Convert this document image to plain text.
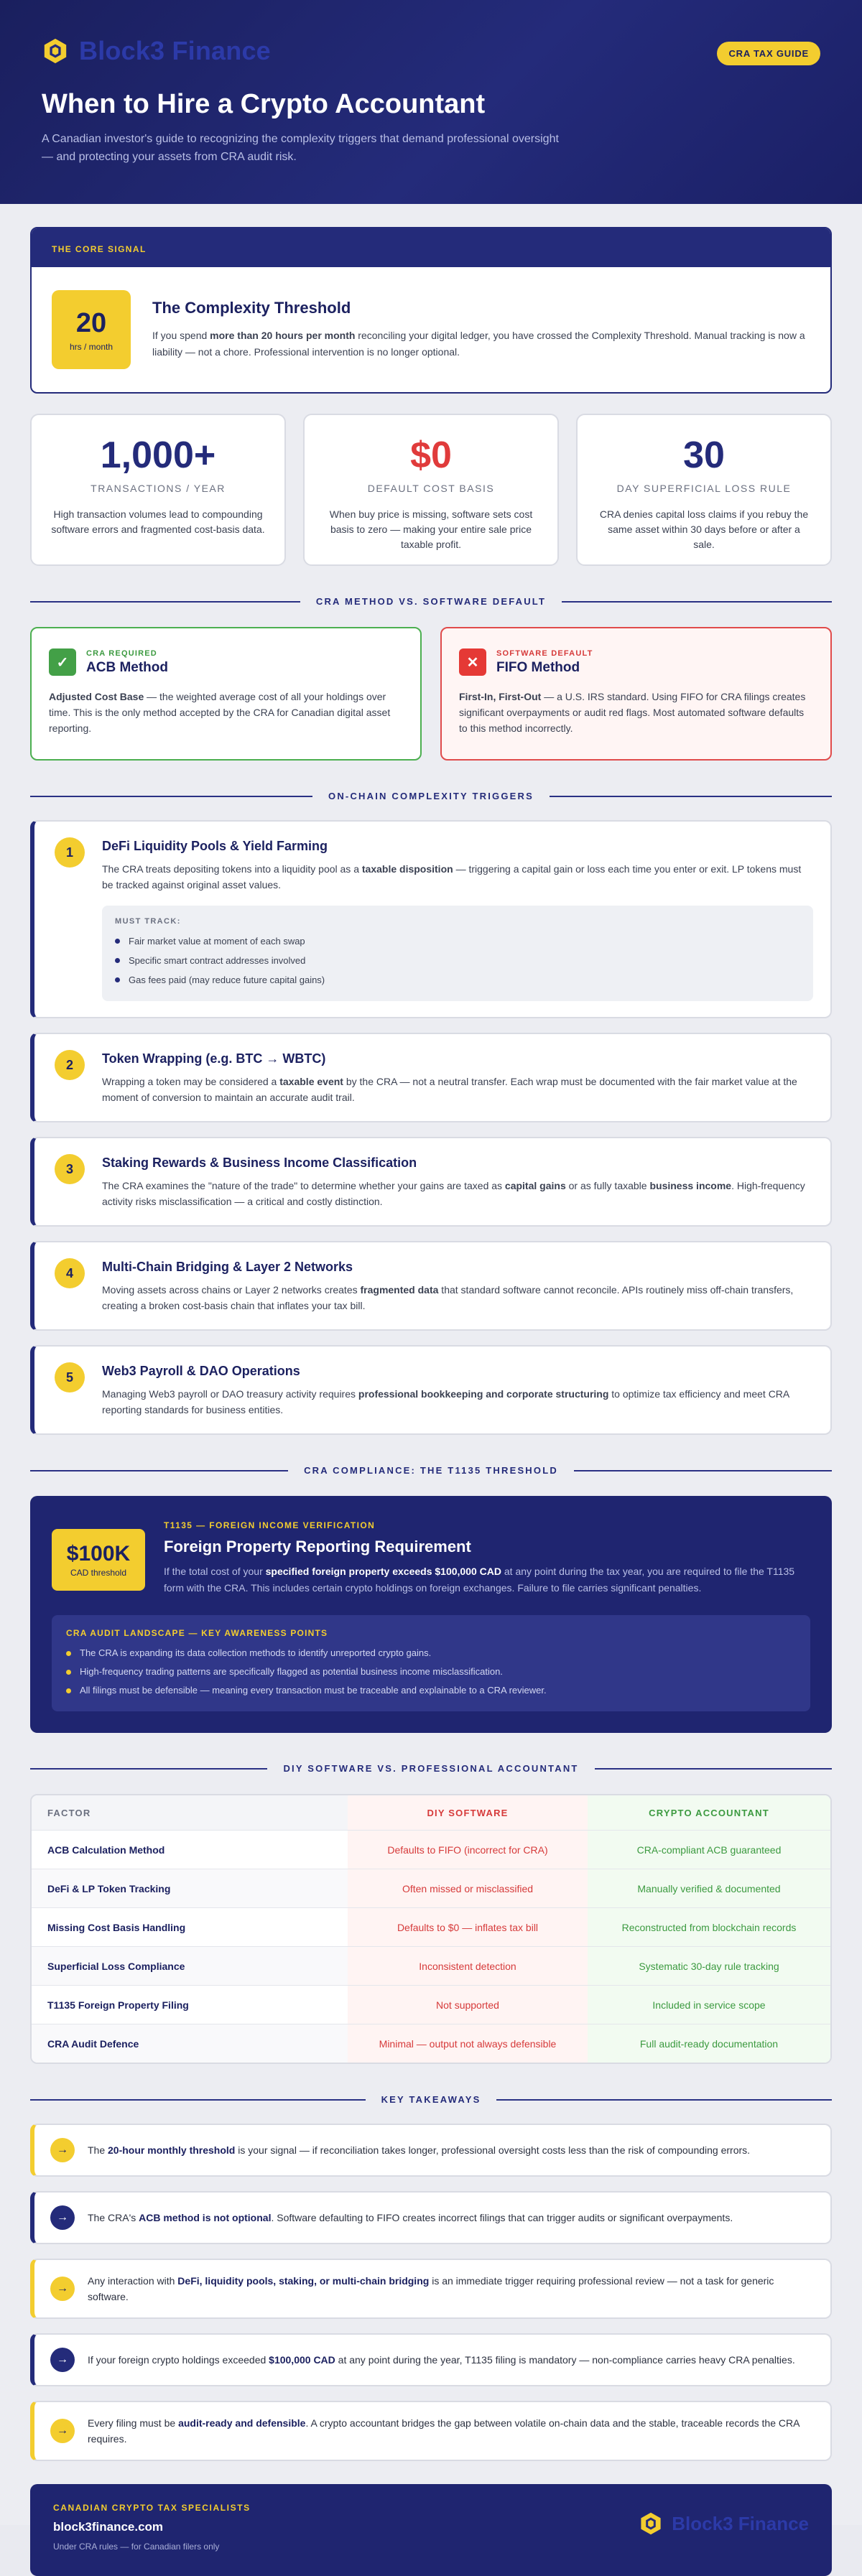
Block3 Finance	CRA TAX GUIDE
When to Hire a Crypto Accountant

A Canadian investor's guide to recognizing the complexity triggers that demand professional oversight — and protecting your assets from CRA audit risk.

THE CORE SIGNAL
20
hrs / month
The Complexity Threshold

If you spend more than 20 hours per month reconciling your digital ledger, you have crossed the Complexity Threshold. Manual tracking is now a liability — not a chore. Professional intervention is no longer optional.

1,000+
TRANSACTIONS / YEAR
High transaction volumes lead to compounding software errors and fragmented cost-basis data.
$0
DEFAULT COST BASIS
When buy price is missing, software sets cost basis to zero — making your entire sale price taxable profit.
30
DAY SUPERFICIAL LOSS RULE
CRA denies capital loss claims if you rebuy the same asset within 30 days before or after a sale.
CRA METHOD VS. SOFTWARE DEFAULT
✓
CRA REQUIRED
ACB Method

Adjusted Cost Base — the weighted average cost of all your holdings over time. This is the only method accepted by the CRA for Canadian digital asset reporting.

✕
SOFTWARE DEFAULT
FIFO Method

First-In, First-Out — a U.S. IRS standard. Using FIFO for CRA filings creates significant overpayments or audit red flags. Most automated software defaults to this method incorrectly.

ON-CHAIN COMPLEXITY TRIGGERS
1	DeFi Liquidity Pools & Yield Farming

The CRA treats depositing tokens into a liquidity pool as a taxable disposition — triggering a capital gain or loss each time you enter or exit. LP tokens must be tracked against original asset values.

MUST TRACK:
Fair market value at moment of each swap
Specific smart contract addresses involved
Gas fees paid (may reduce future capital gains)
2	Token Wrapping (e.g. BTC → WBTC)

Wrapping a token may be considered a taxable event by the CRA — not a neutral transfer. Each wrap must be documented with the fair market value at the moment of conversion to maintain an accurate audit trail.

3	Staking Rewards & Business Income Classification

The CRA examines the "nature of the trade" to determine whether your gains are taxed as capital gains or as fully taxable business income. High-frequency activity risks misclassification — a critical and costly distinction.

4	Multi-Chain Bridging & Layer 2 Networks

Moving assets across chains or Layer 2 networks creates fragmented data that standard software cannot reconcile. APIs routinely miss off-chain transfers, creating a broken cost-basis chain that inflates your tax bill.

5	Web3 Payroll & DAO Operations

Managing Web3 payroll or DAO treasury activity requires professional bookkeeping and corporate structuring to optimize tax efficiency and meet CRA reporting standards for business entities.

CRA COMPLIANCE: THE T1135 THRESHOLD
$100K
CAD threshold
T1135 — FOREIGN INCOME VERIFICATION
Foreign Property Reporting Requirement

If the total cost of your specified foreign property exceeds $100,000 CAD at any point during the tax year, you are required to file the T1135 form with the CRA. This includes certain crypto holdings on foreign exchanges. Failure to file carries significant penalties.

CRA AUDIT LANDSCAPE — KEY AWARENESS POINTS
The CRA is expanding its data collection methods to identify unreported crypto gains.
High-frequency trading patterns are specifically flagged as potential business income misclassification.
All filings must be defensible — meaning every transaction must be traceable and explainable to a CRA reviewer.
DIY SOFTWARE VS. PROFESSIONAL ACCOUNTANT
FACTOR	DIY SOFTWARE	CRYPTO ACCOUNTANT
ACB Calculation Method	Defaults to FIFO (incorrect for CRA)	CRA-compliant ACB guaranteed
DeFi & LP Token Tracking	Often missed or misclassified	Manually verified & documented
Missing Cost Basis Handling	Defaults to $0 — inflates tax bill	Reconstructed from blockchain records
Superficial Loss Compliance	Inconsistent detection	Systematic 30-day rule tracking
T1135 Foreign Property Filing	Not supported	Included in service scope
CRA Audit Defence	Minimal — output not always defensible	Full audit-ready documentation
KEY TAKEAWAYS
→	The 20-hour monthly threshold is your signal — if reconciliation takes longer, professional oversight costs less than the risk of compounding errors.

→	The CRA's ACB method is not optional. Software defaulting to FIFO creates incorrect filings that can trigger audits or significant overpayments.

→

Any interaction with DeFi, liquidity pools, staking, or multi-chain bridging is an immediate trigger requiring professional review — not a task for generic software.

→	If your foreign crypto holdings exceeded $100,000 CAD at any point during the year, T1135 filing is mandatory — non-compliance carries heavy CRA penalties.

→

Every filing must be audit-ready and defensible. A crypto accountant bridges the gap between volatile on-chain data and the stable, traceable records the CRA requires.

CANADIAN CRYPTO TAX SPECIALISTS
block3finance.com
Under CRA rules — for Canadian filers only
Block3 Finance
